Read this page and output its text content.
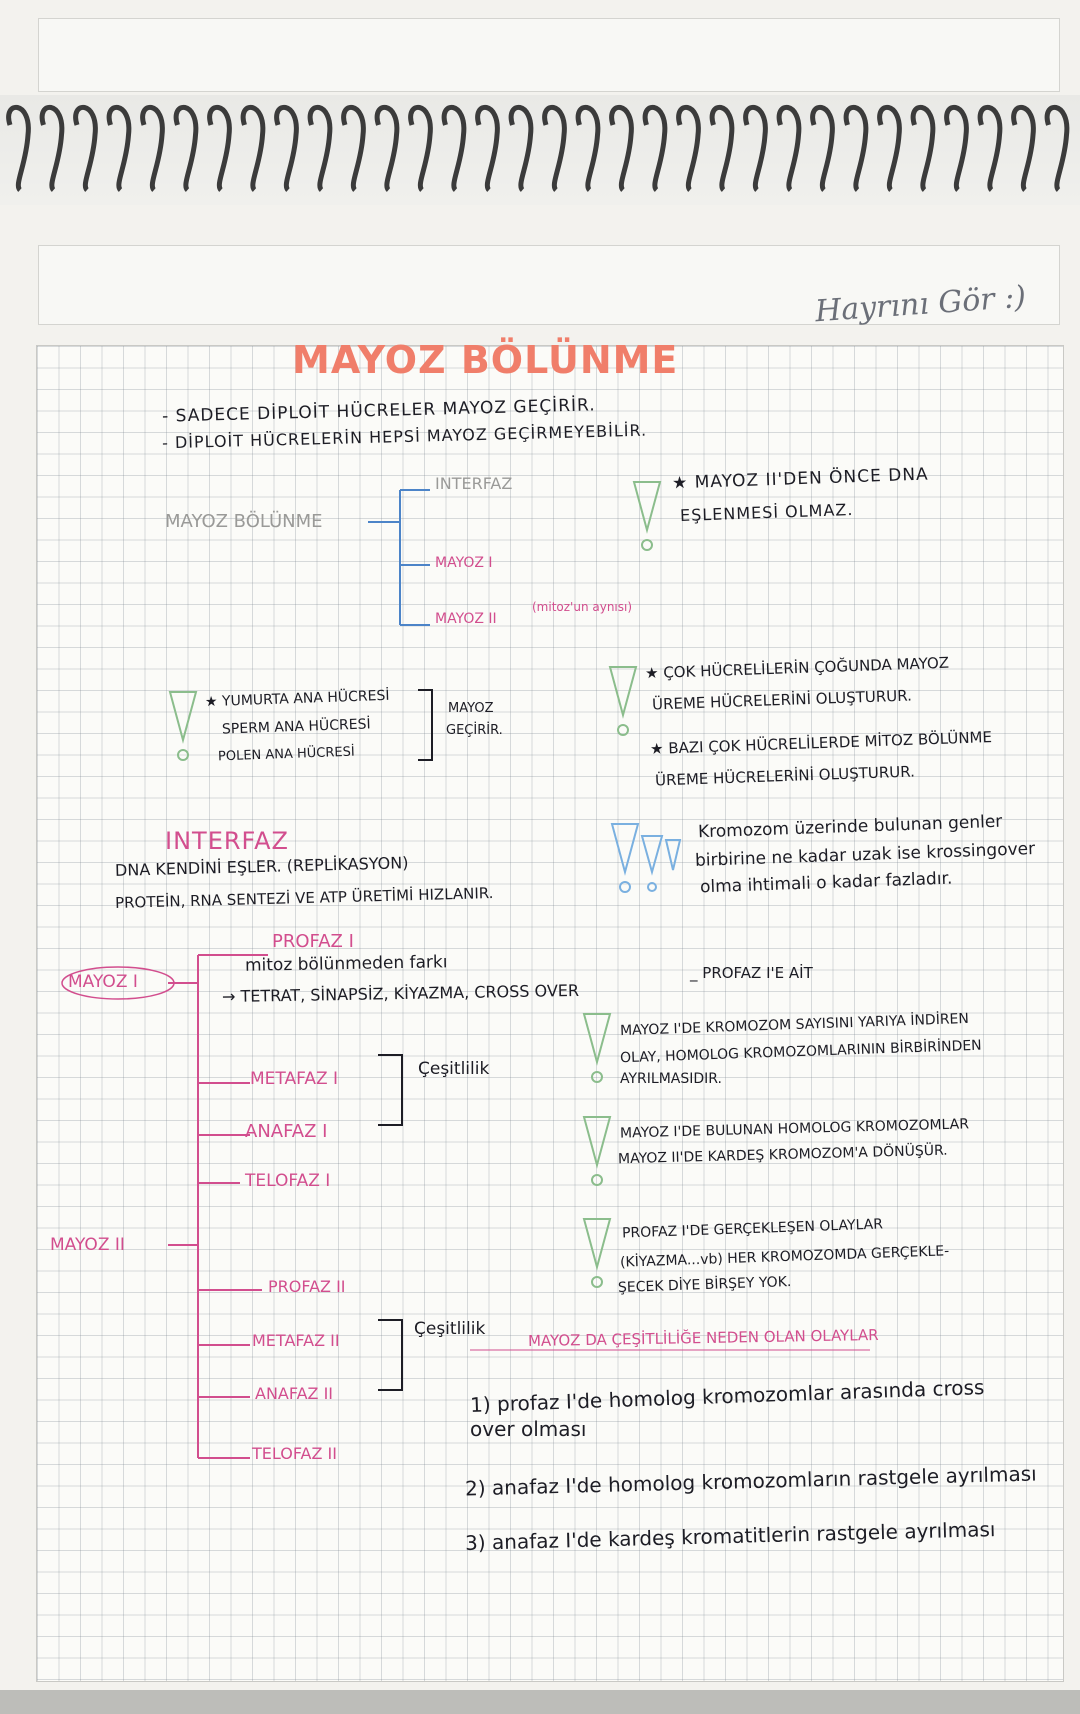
Hayrını Gör :)
MAYOZ BÖLÜNME
- SADECE DİPLOİT HÜCRELER MAYOZ GEÇİRİR.
- DİPLOİT HÜCRELERİN HEPSİ MAYOZ GEÇİRMEYEBİLİR.
MAYOZ BÖLÜNME
INTERFAZ
MAYOZ I
MAYOZ II
(mitoz'un aynısı)
★ MAYOZ II'DEN ÖNCE DNA
EŞLENMESİ OLMAZ.
★ YUMURTA ANA HÜCRESİ
SPERM ANA HÜCRESİ
POLEN ANA HÜCRESİ
MAYOZ
GEÇİRİR.
★ ÇOK HÜCRELİLERİN ÇOĞUNDA MAYOZ
ÜREME HÜCRELERİNİ OLUŞTURUR.
★ BAZI ÇOK HÜCRELİLERDE MİTOZ BÖLÜNME
ÜREME HÜCRELERİNİ OLUŞTURUR.
INTERFAZ
DNA KENDİNİ EŞLER. (REPLİKASYON)
PROTEİN, RNA SENTEZİ VE ATP ÜRETİMİ HIZLANIR.
Kromozom üzerinde bulunan genler
birbirine ne kadar uzak ise krossingover
olma ihtimali o kadar fazladır.
MAYOZ I
PROFAZ I
mitoz bölünmeden farkı
→ TETRAT, SİNAPSİZ, KİYAZMA, CROSS OVER
_ PROFAZ I'E AİT
METAFAZ I
ANAFAZ I
TELOFAZ I
Çeşitlilik
MAYOZ II
PROFAZ II
METAFAZ II
ANAFAZ II
TELOFAZ II
Çeşitlilik
MAYOZ I'DE KROMOZOM SAYISINI YARIYA İNDİREN
OLAY, HOMOLOG KROMOZOMLARININ BİRBİRİNDEN
AYRILMASIDIR.
MAYOZ I'DE BULUNAN HOMOLOG KROMOZOMLAR
MAYOZ II'DE KARDEŞ KROMOZOM'A DÖNÜŞÜR.
PROFAZ I'DE GERÇEKLEŞEN OLAYLAR
(KİYAZMA...vb) HER KROMOZOMDA GERÇEKLE-
ŞECEK DİYE BİRŞEY YOK.
MAYOZ DA ÇEŞİTLİLİĞE NEDEN OLAN OLAYLAR
1) profaz I'de homolog kromozomlar arasında cross
over olması
2) anafaz I'de homolog kromozomların rastgele ayrılması
3) anafaz I'de kardeş kromatitlerin rastgele ayrılması
